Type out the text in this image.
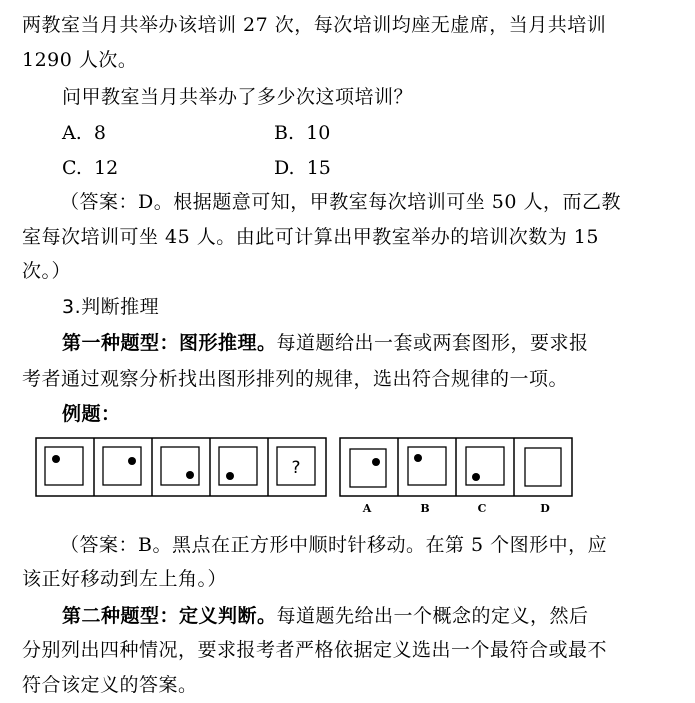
两教室当月共举办该培训 27 次，每次培训均座无虚席，当月共培训
1290 人次。
问甲教室当月共举办了多少次这项培训？
A. 8	B. 10
C. 12	D. 15
（答案：D。根据题意可知，甲教室每次培训可坐 50 人，而乙教
室每次培训可坐 45 人。由此可计算出甲教室举办的培训次数为 15
次。）
3.判断推理
第一种题型：图形推理。每道题给出一套或两套图形，要求报
考者通过观察分析找出图形排列的规律，选出符合规律的一项。
例题：
?
A	B	C	D
（答案：B。黑点在正方形中顺时针移动。在第 5 个图形中，应
该正好移动到左上角。）
第二种题型：定义判断。每道题先给出一个概念的定义，然后
分别列出四种情况，要求报考者严格依据定义选出一个最符合或最不
符合该定义的答案。
